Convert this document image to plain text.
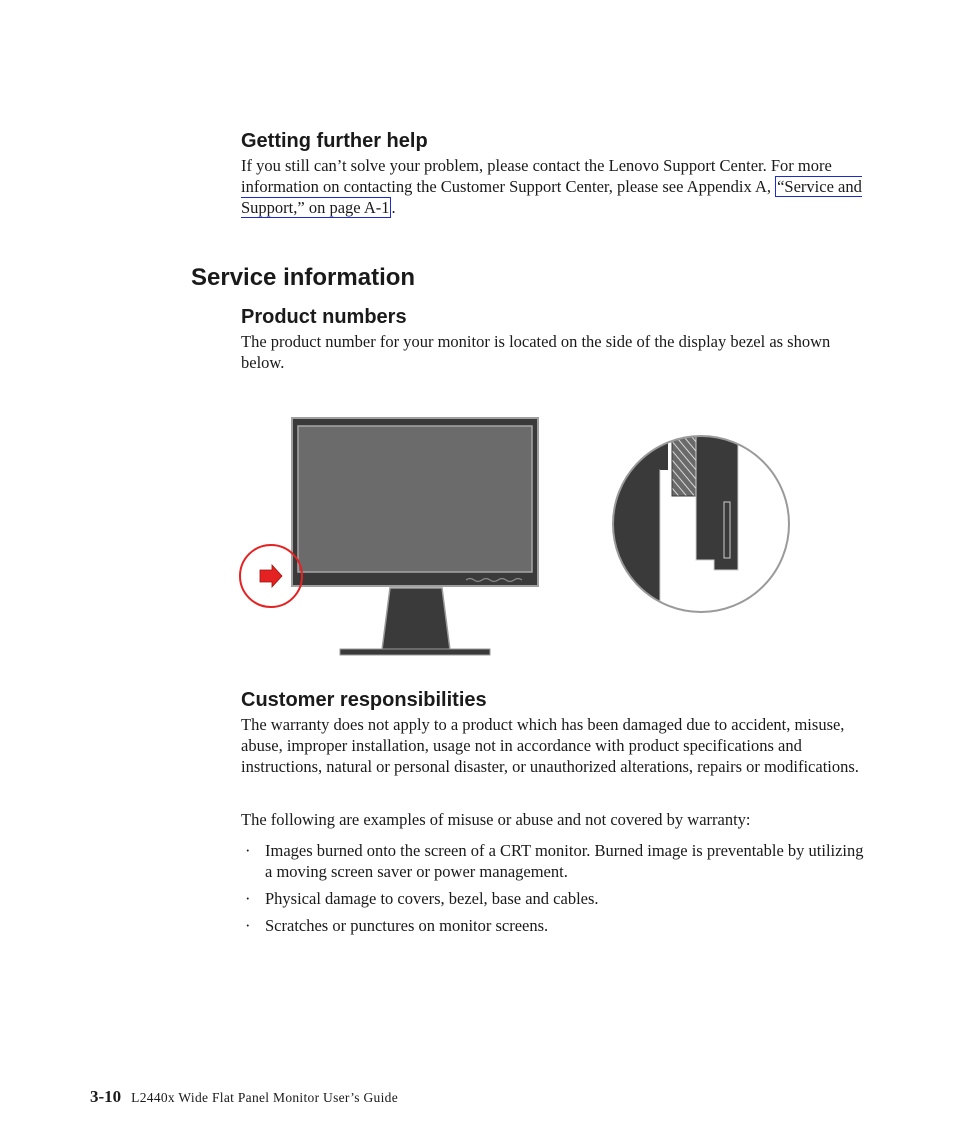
Getting further help

If you still can’t solve your problem, please contact the Lenovo Support Center. For more information on contacting the Customer Support Center, please see Appendix A, “Service and Support,” on page A-1 .

Service information
Product numbers

The product number for your monitor is located on the side of the display bezel as shown below.

Customer responsibilities

The warranty does not apply to a product which has been damaged due to accident, misuse, abuse, improper installation, usage not in accordance with product specifications and instructions, natural or personal disaster, or unauthorized alterations, repairs or modifications.

The following are examples of misuse or abuse and not covered by warranty:

· Images burned onto the screen of a CRT monitor. Burned image is preventable by utilizing a moving screen saver or power management.
· Physical damage to covers, bezel, base and cables.
· Scratches or punctures on monitor screens.
3-10 L2440x Wide Flat Panel Monitor User’s Guide
